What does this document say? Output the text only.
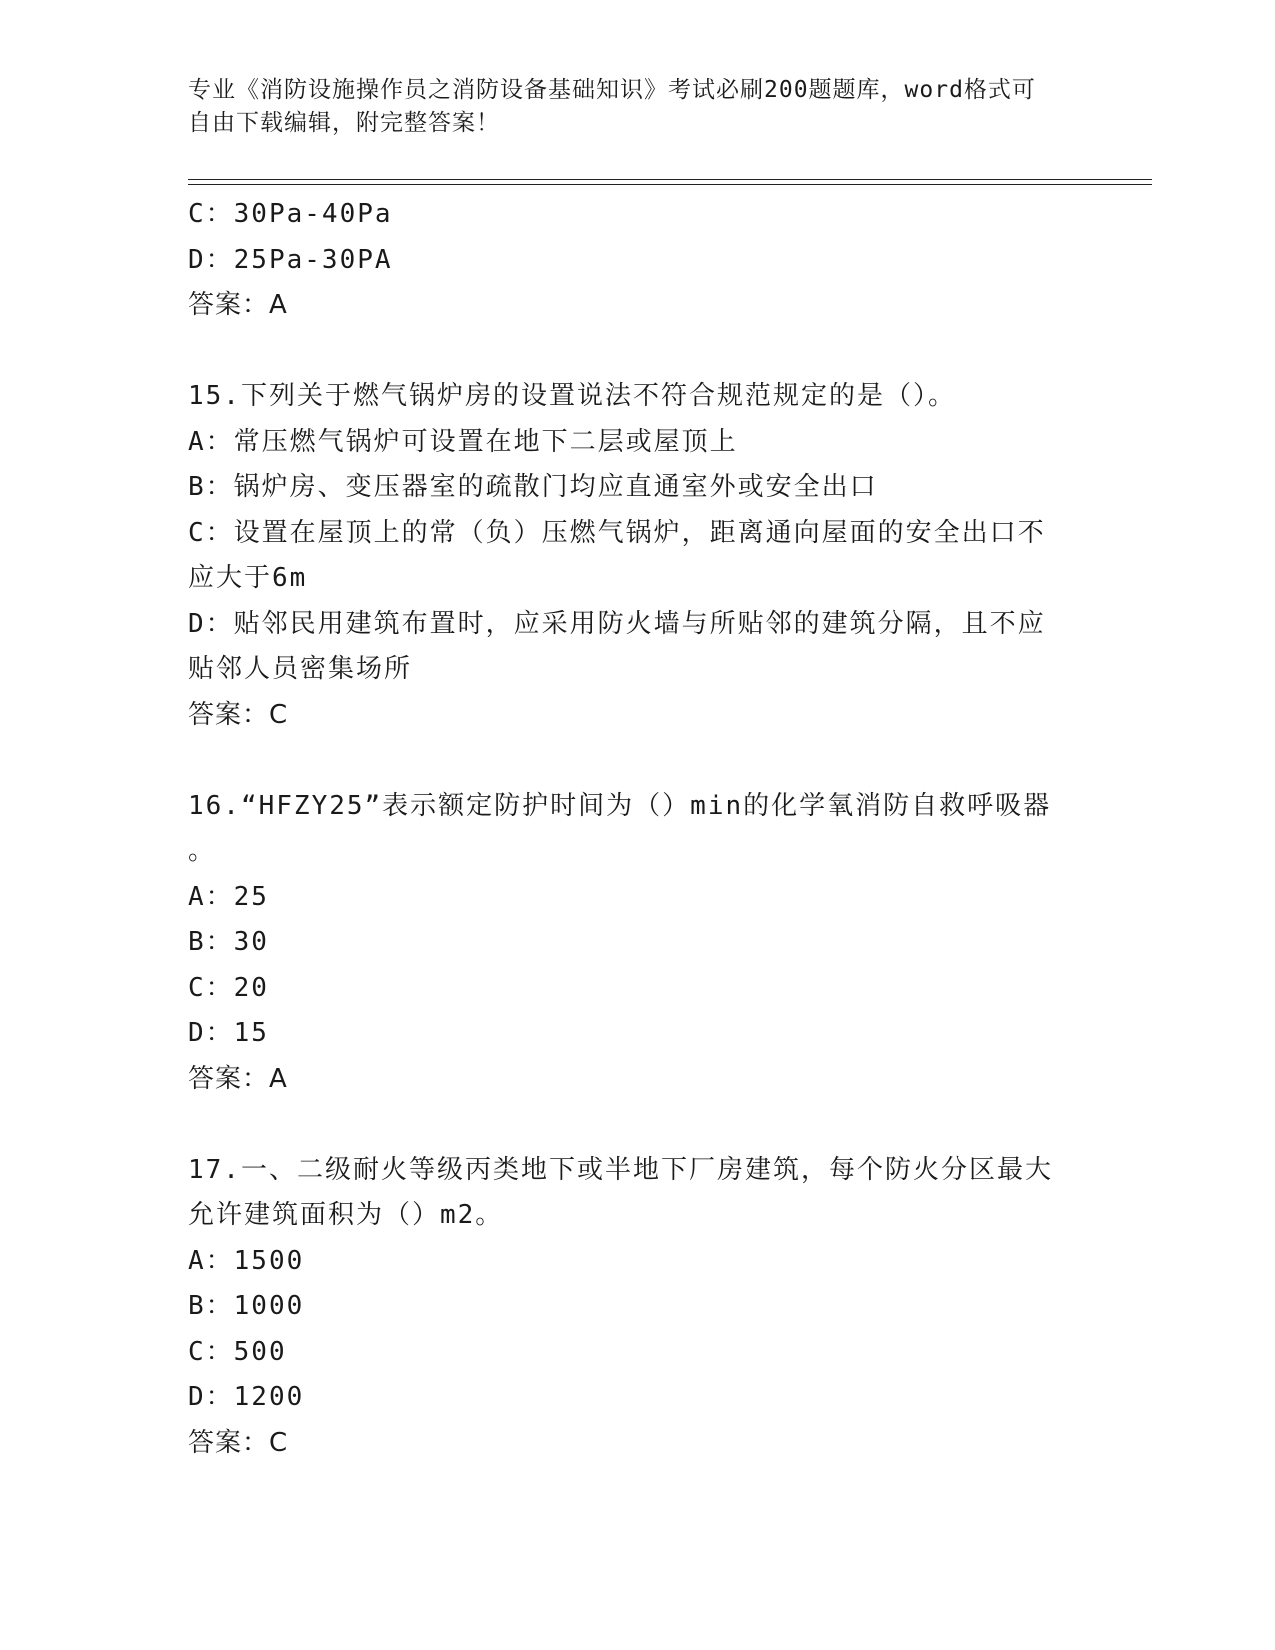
专业《消防设施操作员之消防设备基础知识》考试必刷200题题库，word格式可
自由下载编辑，附完整答案！
C：30Pa-40Pa
D：25Pa-30PA
答案：A
15.下列关于燃气锅炉房的设置说法不符合规范规定的是（）。
A：常压燃气锅炉可设置在地下二层或屋顶上
B：锅炉房、变压器室的疏散门均应直通室外或安全出口
C：设置在屋顶上的常（负）压燃气锅炉，距离通向屋面的安全出口不
应大于6m
D：贴邻民用建筑布置时，应采用防火墙与所贴邻的建筑分隔，且不应
贴邻人员密集场所
答案：C
16.“HFZY25”表示额定防护时间为（）min的化学氧消防自救呼吸器
。
A：25
B：30
C：20
D：15
答案：A
17.一、二级耐火等级丙类地下或半地下厂房建筑，每个防火分区最大
允许建筑面积为（）m2。
A：1500
B：1000
C：500
D：1200
答案：C
